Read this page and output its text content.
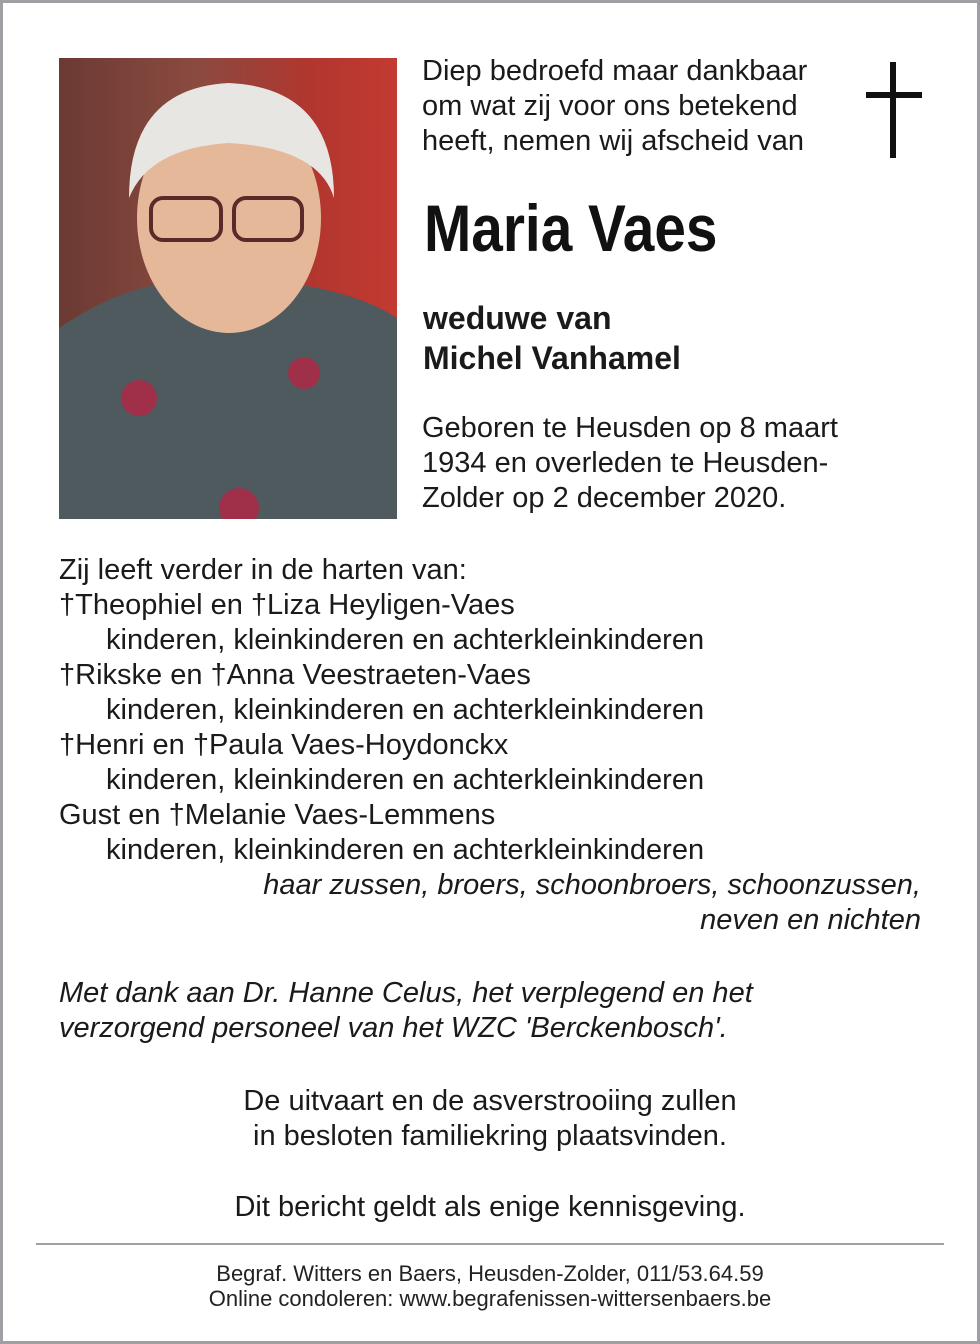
Diep bedroefd maar dankbaar
om wat zij voor ons betekend
heeft, nemen wij afscheid van
Maria Vaes
weduwe van
Michel Vanhamel
Geboren te Heusden op 8 maart
1934 en overleden te Heusden-
Zolder op 2 december 2020.
Zij leeft verder in de harten van:
†Theophiel en †Liza Heyligen-Vaes
kinderen, kleinkinderen en achterkleinkinderen
†Rikske en †Anna Veestraeten-Vaes
kinderen, kleinkinderen en achterkleinkinderen
†Henri en †Paula Vaes-Hoydonckx
kinderen, kleinkinderen en achterkleinkinderen
Gust en †Melanie Vaes-Lemmens
kinderen, kleinkinderen en achterkleinkinderen
haar zussen, broers, schoonbroers, schoonzussen,
neven en nichten
Met dank aan Dr. Hanne Celus, het verplegend en het
verzorgend personeel van het WZC 'Berckenbosch'.
De uitvaart en de asverstrooiing zullen
in besloten familiekring plaatsvinden.
Dit bericht geldt als enige kennisgeving.
Begraf. Witters en Baers, Heusden-Zolder, 011/53.64.59
Online condoleren: www.begrafenissen-wittersenbaers.be
